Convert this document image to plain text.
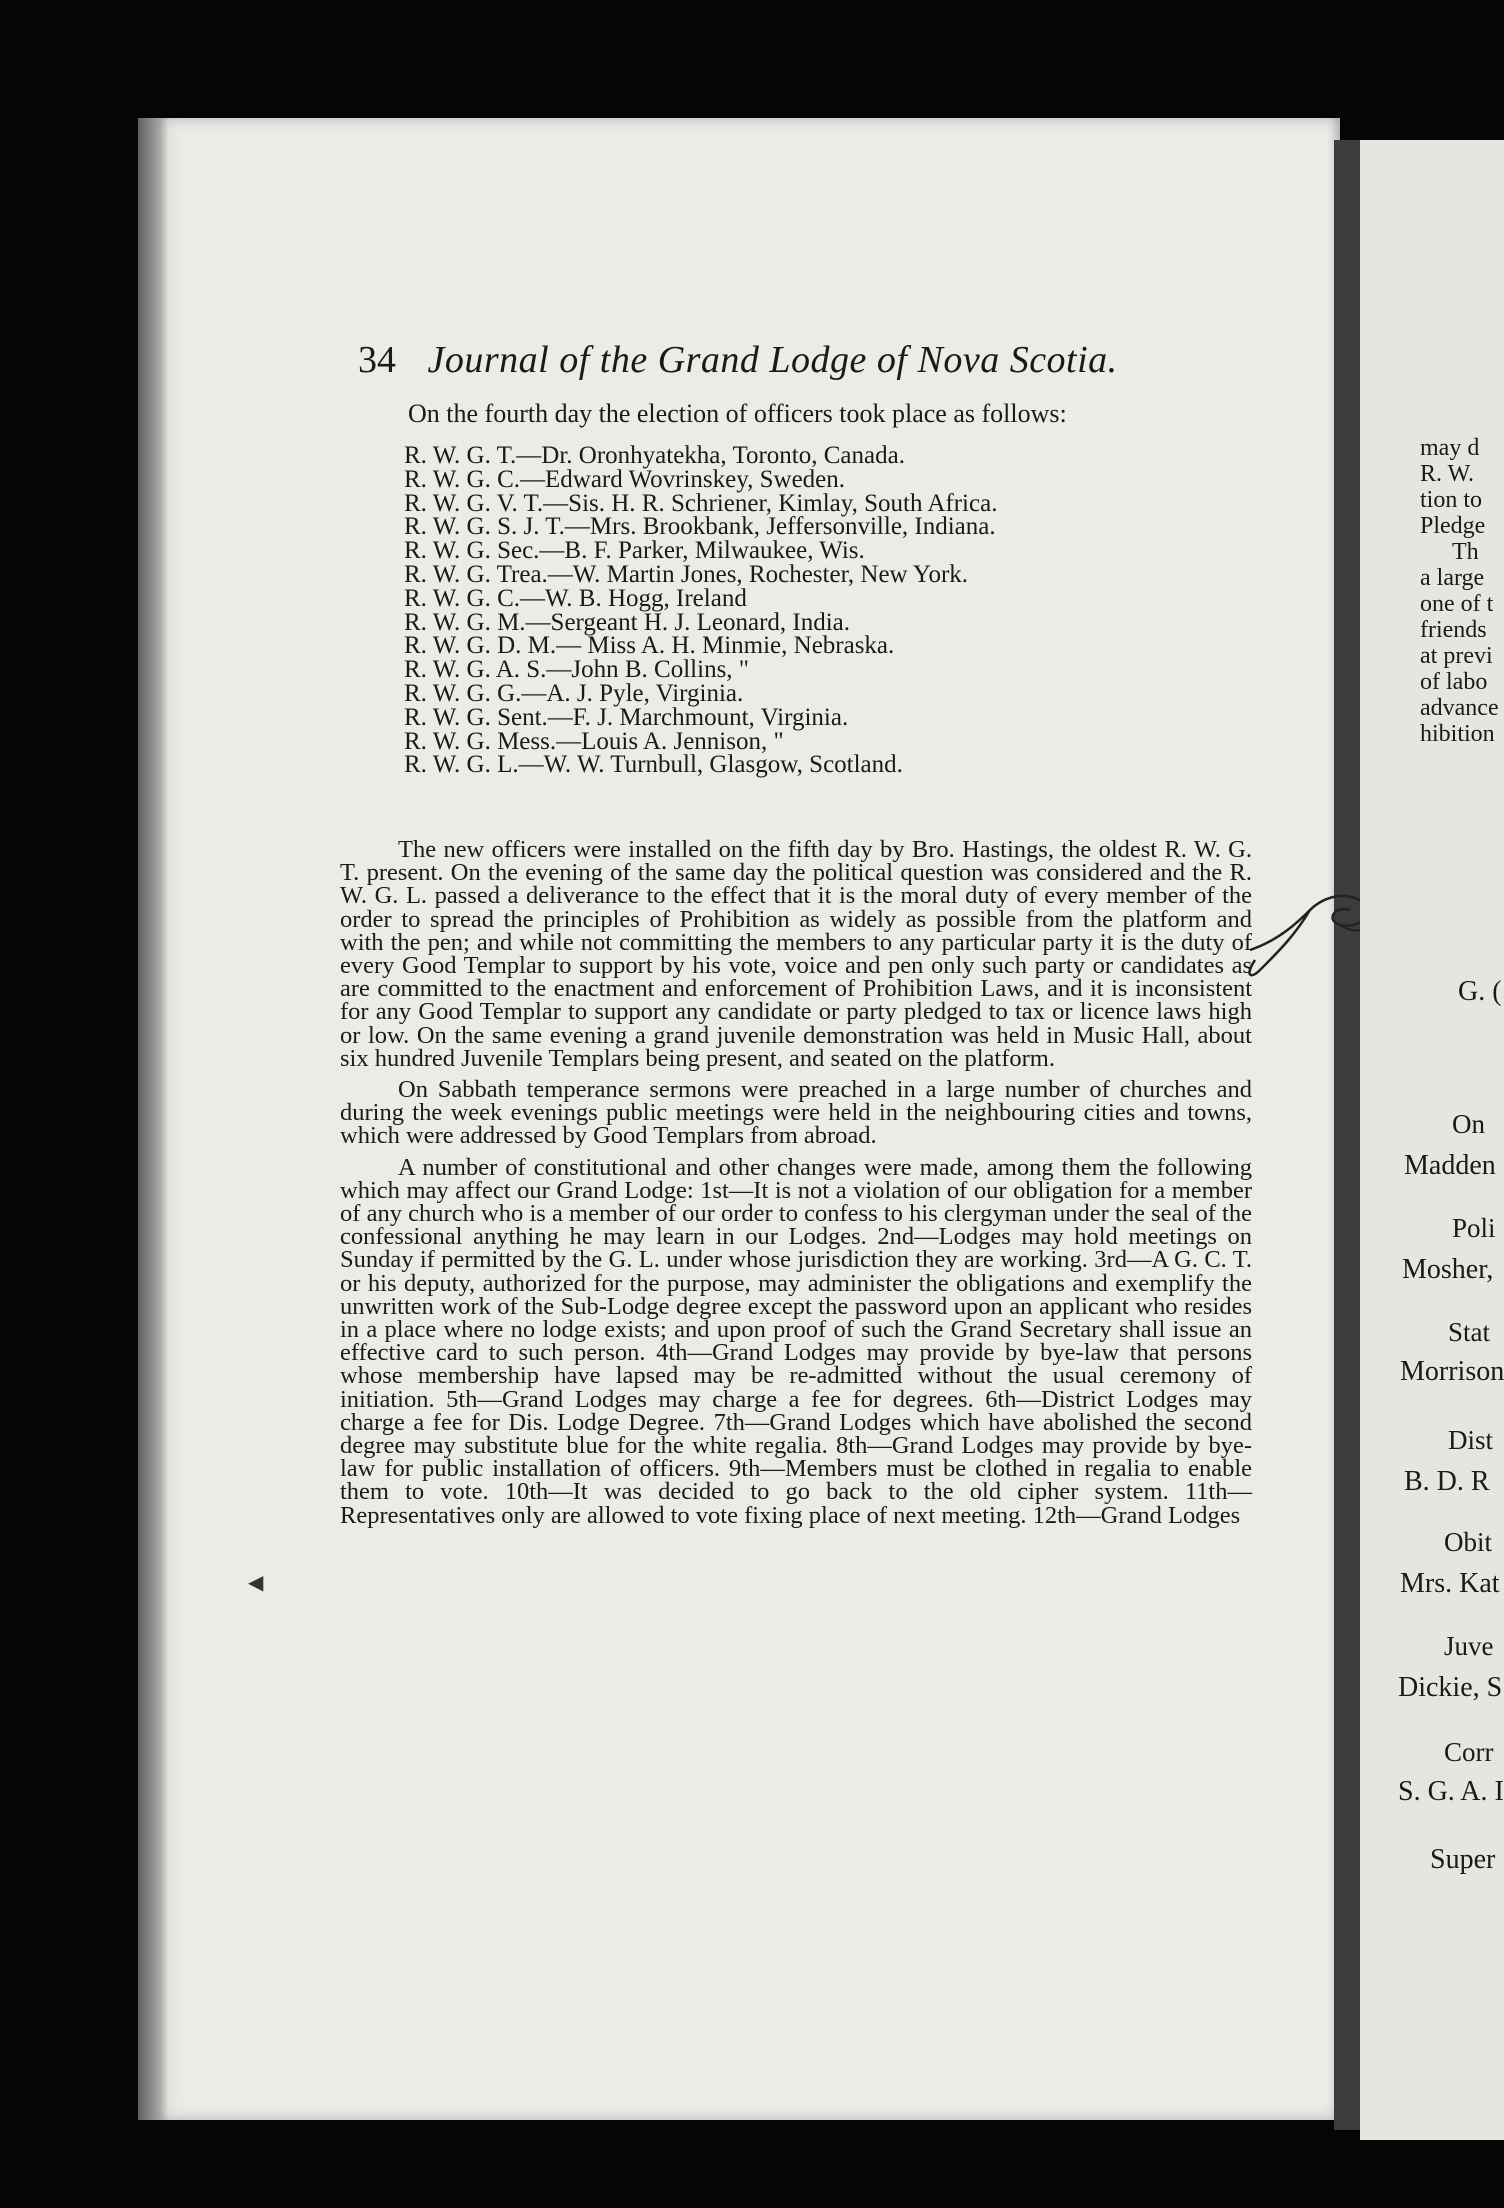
34 Journal of the Grand Lodge of Nova Scotia.
On the fourth day the election of officers took place as follows:
R. W. G. T.—Dr. Oronhyatekha, Toronto, Canada.
R. W. G. C.—Edward Wovrinskey, Sweden.
R. W. G. V. T.—Sis. H. R. Schriener, Kimlay, South Africa.
R. W. G. S. J. T.—Mrs. Brookbank, Jeffersonville, Indiana.
R. W. G. Sec.—B. F. Parker, Milwaukee, Wis.
R. W. G. Trea.—W. Martin Jones, Rochester, New York.
R. W. G. C.—W. B. Hogg, Ireland
R. W. G. M.—Sergeant H. J. Leonard, India.
R. W. G. D. M.— Miss A. H. Minmie, Nebraska.
R. W. G. A. S.—John B. Collins, "
R. W. G. G.—A. J. Pyle, Virginia.
R. W. G. Sent.—F. J. Marchmount, Virginia.
R. W. G. Mess.—Louis A. Jennison, "
R. W. G. L.—W. W. Turnbull, Glasgow, Scotland.

The new officers were installed on the fifth day by Bro. Hastings, the oldest R. W. G. T. present. On the evening of the same day the political question was considered and the R. W. G. L. passed a deliverance to the effect that it is the moral duty of every member of the order to spread the principles of Prohibition as widely as possible from the platform and with the pen; and while not committing the members to any particular party it is the duty of every Good Templar to support by his vote, voice and pen only such party or candidates as are committed to the enactment and enforcement of Prohibition Laws, and it is inconsistent for any Good Templar to support any candidate or party pledged to tax or licence laws high or low. On the same evening a grand juvenile demonstration was held in Music Hall, about six hundred Juvenile Templars being present, and seated on the platform.

On Sabbath temperance sermons were preached in a large number of churches and during the week evenings public meetings were held in the neighbouring cities and towns, which were addressed by Good Templars from abroad.

A number of constitutional and other changes were made, among them the following which may affect our Grand Lodge: 1st—It is not a violation of our obligation for a member of any church who is a member of our order to confess to his clergyman under the seal of the confessional anything he may learn in our Lodges. 2nd—Lodges may hold meetings on Sunday if permitted by the G. L. under whose jurisdiction they are working. 3rd—A G. C. T. or his deputy, authorized for the purpose, may administer the obligations and exemplify the unwritten work of the Sub-Lodge degree except the password upon an applicant who resides in a place where no lodge exists; and upon proof of such the Grand Secretary shall issue an effective card to such person. 4th—Grand Lodges may provide by bye-law that persons whose membership have lapsed may be re-admitted without the usual ceremony of initiation. 5th—Grand Lodges may charge a fee for degrees. 6th—District Lodges may charge a fee for Dis. Lodge Degree. 7th—Grand Lodges which have abolished the second degree may substitute blue for the white regalia. 8th—Grand Lodges may provide by bye-law for public installation of officers. 9th—Members must be clothed in regalia to enable them to vote. 10th—It was decided to go back to the old cipher system. 11th—Representatives only are allowed to vote fixing place of next meeting. 12th—Grand Lodges

◀
may d
R. W.
tion to
Pledge
Th
a large
one of t
friends
at previ
of labo
advance
hibition
G. (
On
Madden
Poli
Mosher,
Stat
Morrison
Dist
B. D. R
Obit
Mrs. Kat
Juve
Dickie, S
Corr
S. G. A. I
Super
